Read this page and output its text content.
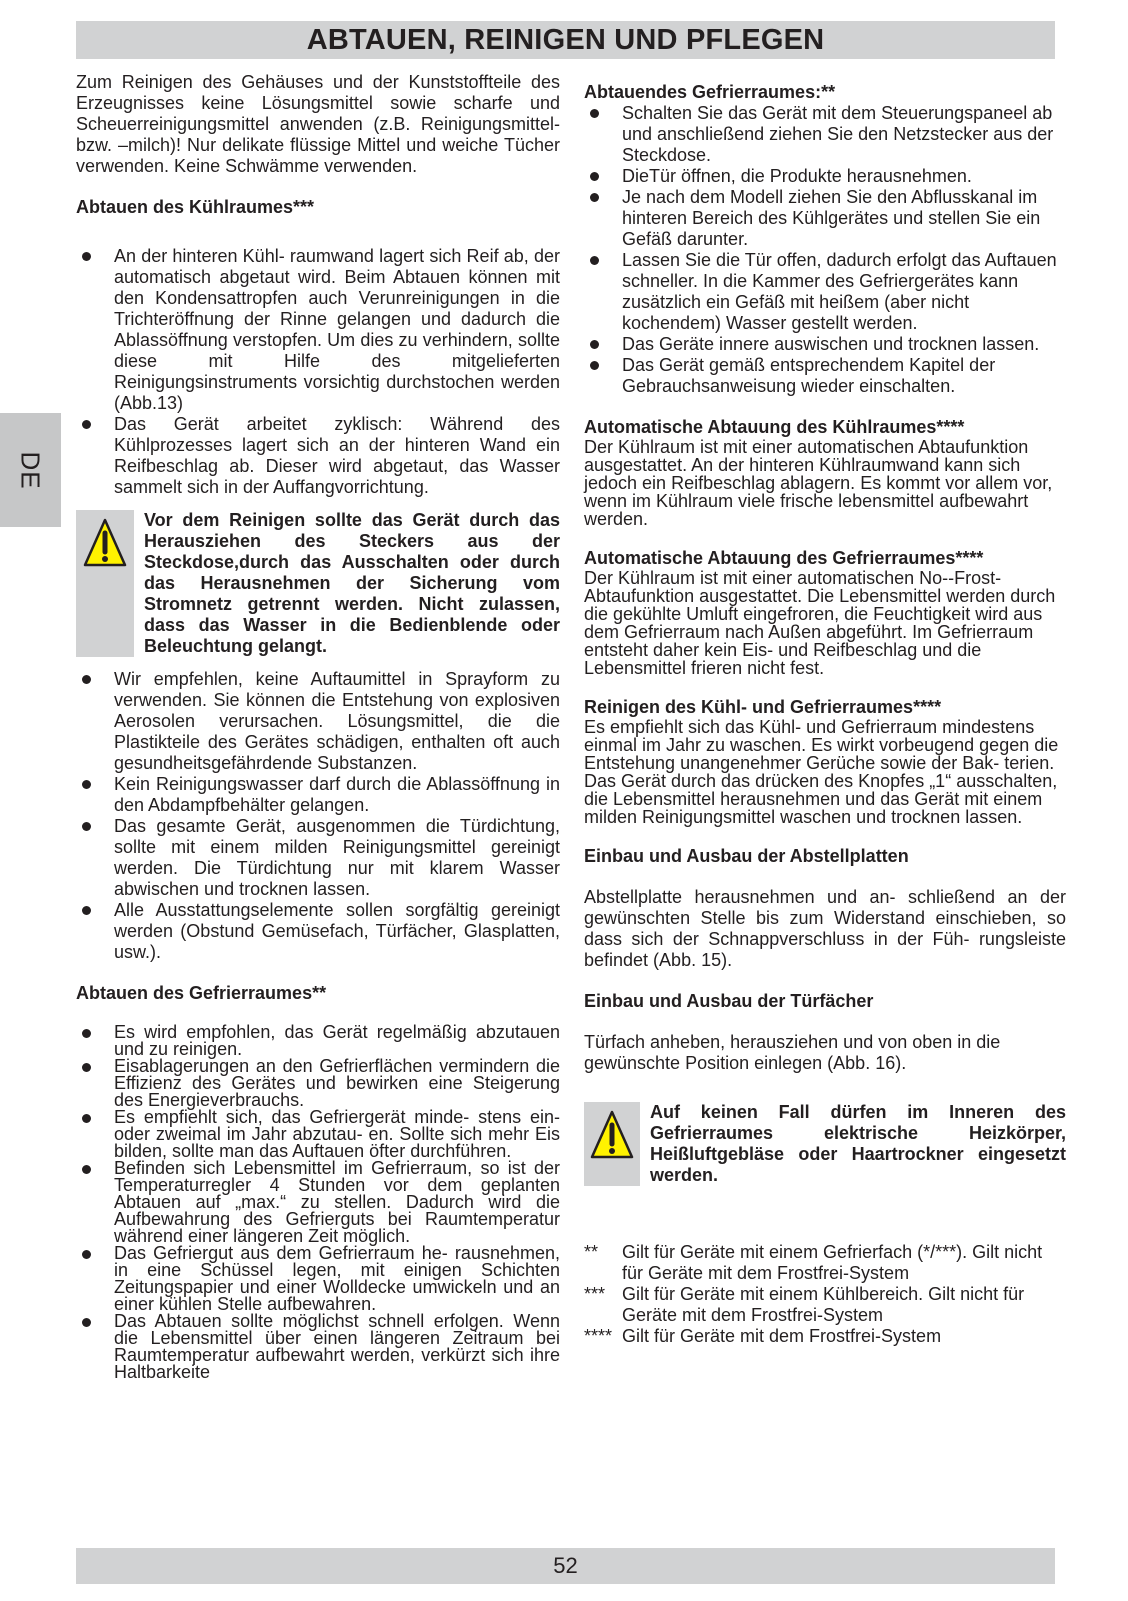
ABTAUEN, REINIGEN UND PFLEGEN
DE

Zum Reinigen des Gehäuses und der Kunststoffteile des Erzeugnisses keine Lösungsmittel sowie scharfe und Scheuerreinigungsmittel anwenden (z.B. Reinigungsmittel- bzw. –milch)! Nur delikate flüssige Mittel und weiche Tücher verwenden. Keine Schwämme verwenden.

Abtauen des Kühlraumes***

An der hinteren Kühl- raumwand lagert sich Reif ab, der automatisch abgetaut wird. Beim Abtauen können mit den Kondensattropfen auch Verunreinigungen in die Trichteröffnung der Rinne gelangen und dadurch die Ablassöffnung verstopfen. Um dies zu verhindern, sollte diese mit Hilfe des mitgelieferten Reinigungsinstruments vorsichtig durchstochen werden (Abb.13)
Das Gerät arbeitet zyklisch: Während des Kühlprozesses lagert sich an der hinteren Wand ein Reifbeschlag ab. Dieser wird abgetaut, das Wasser sammelt sich in der Auffangvorrichtung.

Vor dem Reinigen sollte das Gerät durch das Herausziehen des Steckers aus der Steckdose,durch das Ausschalten oder durch das Herausnehmen der Sicherung vom Stromnetz getrennt werden. Nicht zulassen, dass das Wasser in die Bedienblende oder Beleuchtung gelangt.

Wir empfehlen, keine Auftaumittel in Sprayform zu verwenden. Sie können die Entstehung von explosiven Aerosolen verursachen. Lösungsmittel, die die Plastikteile des Gerätes schädigen, enthalten oft auch gesundheitsgefährdende Substanzen.
Kein Reinigungswasser darf durch die Ablassöffnung in den Abdampfbehälter gelangen.
Das gesamte Gerät, ausgenommen die Türdichtung, sollte mit einem milden Reinigungsmittel gereinigt werden. Die Türdichtung nur mit klarem Wasser abwischen und trocknen lassen.
Alle Ausstattungselemente sollen sorgfältig gereinigt werden (Obstund Gemüsefach, Türfächer, Glasplatten, usw.).

Abtauen des Gefrierraumes**

Es wird empfohlen, das Gerät regelmäßig abzutauen und zu reinigen.
Eisablagerungen an den Gefrierflächen vermindern die Effizienz des Gerätes und bewirken eine Steigerung des Energieverbrauchs.
Es empfiehlt sich, das Gefriergerät minde- stens ein- oder zweimal im Jahr abzutau- en. Sollte sich mehr Eis bilden, sollte man das Auftauen öfter durchführen.
Befinden sich Lebensmittel im Gefrierraum, so ist der Temperaturregler 4 Stunden vor dem geplanten Abtauen auf „max.“ zu stellen. Dadurch wird die Aufbewahrung des Gefrierguts bei Raumtemperatur während einer längeren Zeit möglich.
Das Gefriergut aus dem Gefrierraum he- rausnehmen, in eine Schüssel legen, mit einigen Schichten Zeitungspapier und einer Wolldecke umwickeln und an einer kühlen Stelle aufbewahren.
Das Abtauen sollte möglichst schnell erfolgen. Wenn die Lebensmittel über einen längeren Zeitraum bei Raumtemperatur aufbewahrt werden, verkürzt sich ihre Haltbarkeite

Abtauendes Gefrierraumes:**

Schalten Sie das Gerät mit dem Steuerungspaneel ab und anschließend ziehen Sie den Netzstecker aus der Steckdose.
DieTür öffnen, die Produkte herausnehmen.
Je nach dem Modell ziehen Sie den Abflusskanal im hinteren Bereich des Kühlgerätes und stellen Sie ein Gefäß darunter.
Lassen Sie die Tür offen, dadurch erfolgt das Auftauen schneller. In die Kammer des Gefriergerätes kann zusätzlich ein Gefäß mit heißem (aber nicht kochendem) Wasser gestellt werden.
Das Geräte innere auswischen und trocknen lassen.
Das Gerät gemäß entsprechendem Kapitel der Gebrauchsanweisung wieder einschalten.

Automatische Abtauung des Kühlraumes****

Der Kühlraum ist mit einer automatischen Abtaufunktion ausgestattet. An der hinteren Kühlraumwand kann sich jedoch ein Reifbeschlag ablagern. Es kommt vor allem vor, wenn im Kühlraum viele frische lebensmittel aufbewahrt werden.

Automatische Abtauung des Gefrierraumes****

Der Kühlraum ist mit einer automatischen No--Frost-Abtaufunktion ausgestattet. Die Lebensmittel werden durch die gekühlte Umluft eingefroren, die Feuchtigkeit wird aus dem Gefrierraum nach Außen abgeführt. Im Gefrierraum entsteht daher kein Eis- und Reifbeschlag und die Lebensmittel frieren nicht fest.

Reinigen des Kühl- und Gefrierraumes****

Es empfiehlt sich das Kühl- und Gefrierraum mindestens einmal im Jahr zu waschen. Es wirkt vorbeugend gegen die Entstehung unangenehmer Gerüche sowie der Bak- terien. Das Gerät durch das drücken des Knopfes „1“ ausschalten, die Lebensmittel herausnehmen und das Gerät mit einem milden Reinigungsmittel waschen und trocknen lassen.

Einbau und Ausbau der Abstellplatten

Abstellplatte herausnehmen und an- schließend an der gewünschten Stelle bis zum Widerstand einschieben, so dass sich der Schnappverschluss in der Füh- rungsleiste befindet (Abb. 15).

Einbau und Ausbau der Türfächer

Türfach anheben, herausziehen und von oben in die gewünschte Position einlegen (Abb. 16).

Auf keinen Fall dürfen im Inneren des Gefrierraumes elektrische Heizkörper, Heißluftgebläse oder Haartrockner eingesetzt werden.

**	Gilt für Geräte mit einem Gefrierfach (*/***). Gilt nicht für Geräte mit dem Frostfrei-System
*** Gilt für Geräte mit einem Kühlbereich. Gilt nicht für Geräte mit dem Frostfrei-System
**** Gilt für Geräte mit dem Frostfrei-System
52
